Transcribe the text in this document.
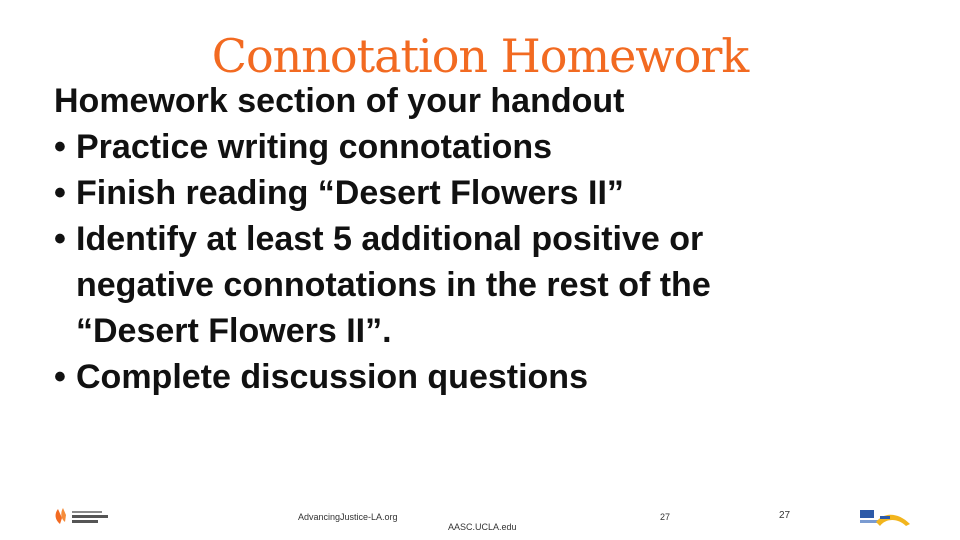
Connotation Homework
Homework section of your handout
• Practice writing connotations
• Finish reading “Desert Flowers II”
• Identify at least 5 additional positive or
negative connotations in the rest of the
“Desert Flowers II”.
• Complete discussion questions
AdvancingJustice-LA.org
AASC.UCLA.edu
27	27
